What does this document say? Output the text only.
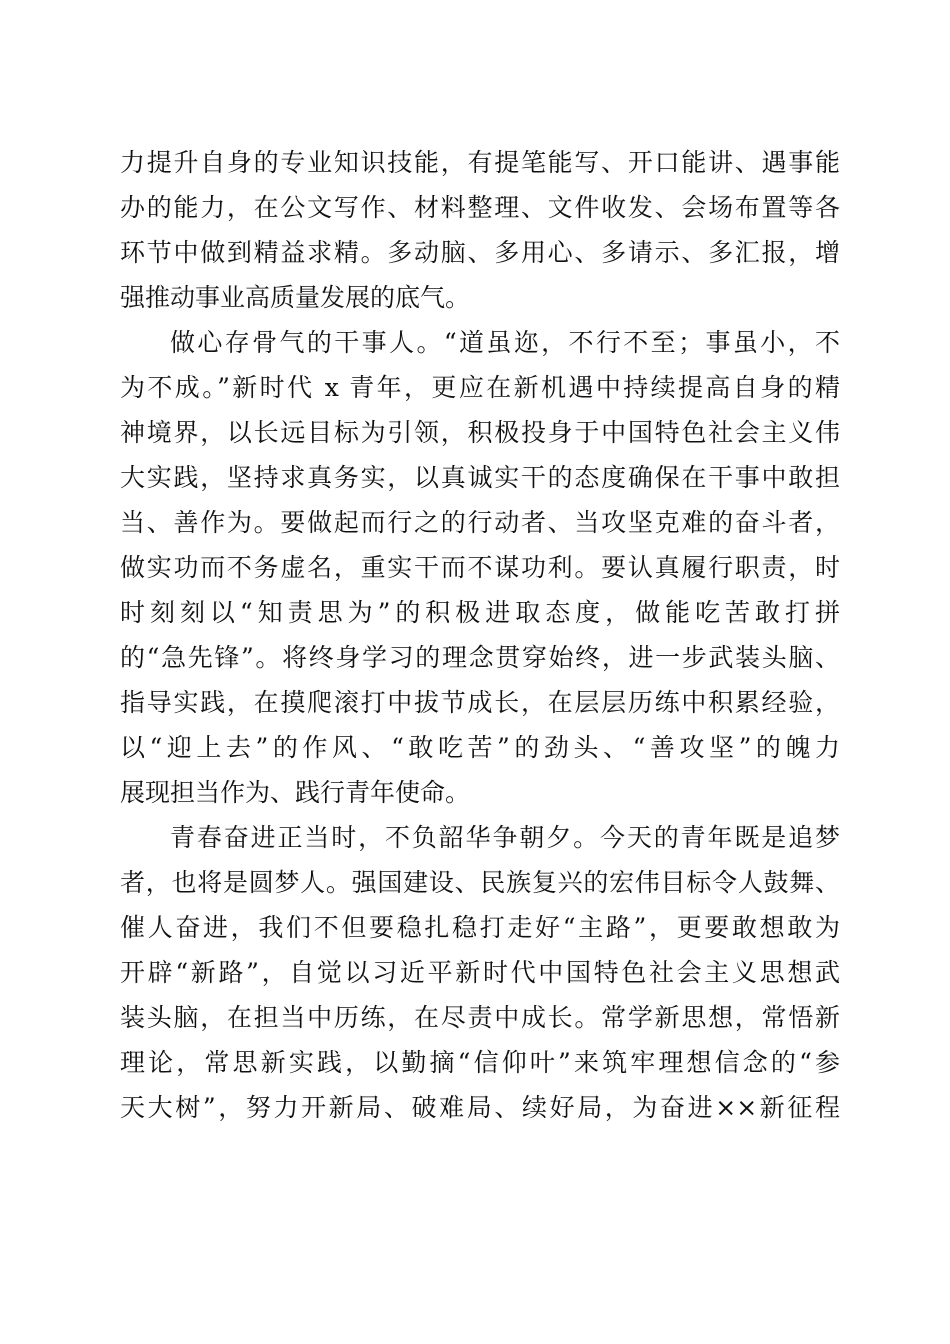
力提升自身的专业知识技能，有提笔能写、开口能讲、遇事能
办的能力，在公文写作、材料整理、文件收发、会场布置等各
环节中做到精益求精。多动脑、多用心、多请示、多汇报，增
强推动事业高质量发展的底气。
做心存骨气的干事人。“道虽迩，不行不至；事虽小，不
为不成。”新时代 x 青年，更应在新机遇中持续提高自身的精
神境界，以长远目标为引领，积极投身于中国特色社会主义伟
大实践，坚持求真务实，以真诚实干的态度确保在干事中敢担
当、善作为。要做起而行之的行动者、当攻坚克难的奋斗者，
做实功而不务虚名，重实干而不谋功利。要认真履行职责，时
时刻刻以“知责思为”的积极进取态度，做能吃苦敢打拼
的“急先锋”。将终身学习的理念贯穿始终，进一步武装头脑、
指导实践，在摸爬滚打中拔节成长，在层层历练中积累经验，
以“迎上去”的作风、“敢吃苦”的劲头、“善攻坚”的魄力
展现担当作为、践行青年使命。
青春奋进正当时，不负韶华争朝夕。今天的青年既是追梦
者，也将是圆梦人。强国建设、民族复兴的宏伟目标令人鼓舞、
催人奋进，我们不但要稳扎稳打走好“主路”，更要敢想敢为
开辟“新路”，自觉以习近平新时代中国特色社会主义思想武
装头脑，在担当中历练，在尽责中成长。常学新思想，常悟新
理论，常思新实践，以勤摘“信仰叶”来筑牢理想信念的“参
天大树”，努力开新局、破难局、续好局，为奋进××新征程
